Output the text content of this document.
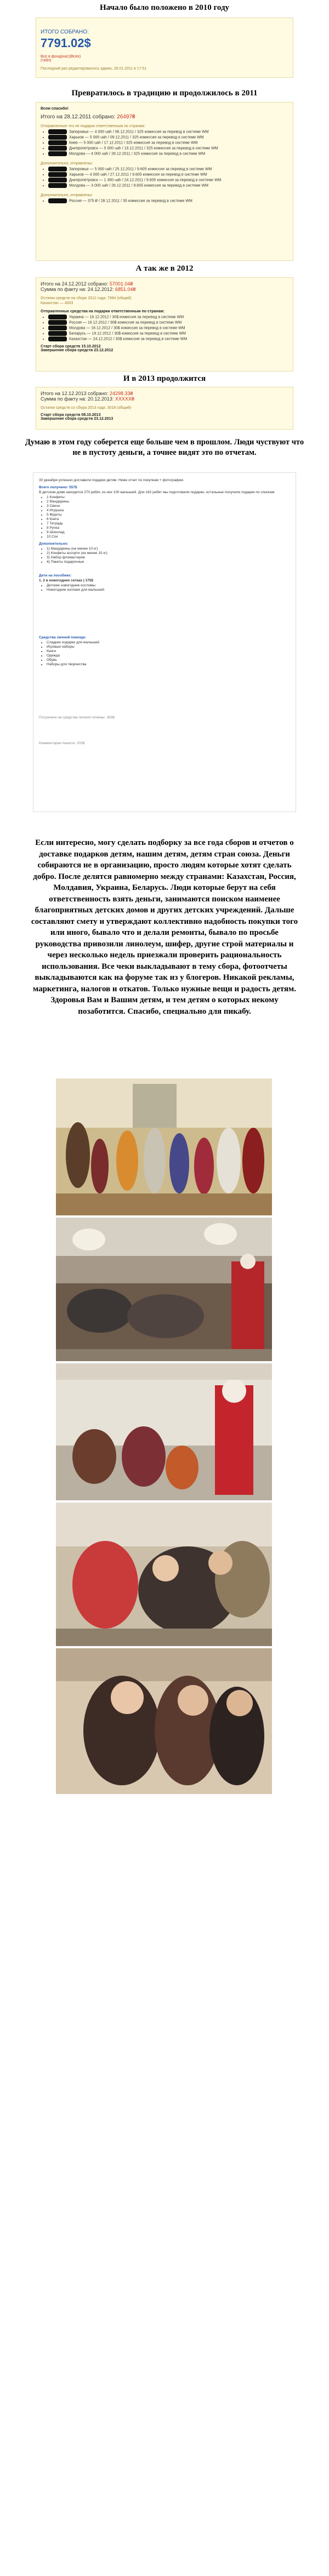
Начало было положено в 2010 году
ИТОГО СОБРАНО:
7791.02$
Все в фонд(нас)(Всех)
(табл)
Последний раз редактировалось админ, 28.01.2011 в 17:51
Превратилось в традицию и продолжилось в 2011
Всем спасибо!
Итого на 28.12.2011 собрано: 26497₴
Отправленные что не подарки ответственным по странам:
• Запорожье — 4 000 uah / 06.12.2011 / 325 комиссия за перевод в системе WM
• Харьков — 5 000 uah / 09.12.2011 / 325 комиссия за перевод в системе WM
• Киев — 5 000 uah / 17.12.2011 / 325 комиссия за перевод в системе WM
• Днепропетровск — 5 000 uah / 19.12.2011 / 325 комиссия за перевод в системе WM
• Молдова — 4 000 uah / 28.12.2011 / 325 комиссия за перевод в системе WM
Дополнительно, отправлены:
• Запорожье — 5 000 uah / 25.12.2011 / 9.605 комиссия за перевод в системе WM
• Харьков — 4 000 uah / 27.12.2011 / 9.605 комиссия за перевод в системе WM
• Днепропетровск — 1 300 uah / 24.12.2011 / 9.605 комиссия за перевод в системе WM
• Молдова — 3 000 uah / 26.12.2011 / 9.605 комиссия за перевод в системе WM
Дополнительно, отправлены:
• Россия — 375 ₽ / 28.12.2011 / 35 комиссия за перевод в системе WM
А так же в 2012
Итого на 24.12.2012 собрано: 57001.04₴
Сумма по факту на: 24.12.2012: 6851.04₴
Остатки средств на сборе 2012 года: 7994 (общий)
Казахстан — 4003
Отправленные средства на подарки ответственным по странам:
• Украина — 16.12.2012 / 30$ комиссия за перевод в системе WM
• Россия — 16.12.2012 / 30$ комиссия за перевод в системе WM
• Молдова — 18.12.2012 / 30$ комиссия за перевод в системе WM
• Беларусь — 19.12.2012 / 30$ комиссия за перевод в системе WM
• Казахстан — 24.12.2012 / 30$ комиссия за перевод в системе WM
Старт сбора средств 15.10.2012
Завершение сбора средств 23.12.2012
И в 2013 продолжится
Итого на 12.12.2013 собрано: 24298.33₴
Сумма по факту на: 20.12.2013: XXXXX₴
Остатки средств со сбора 2013 года: 3018 (общий)
Старт сбора средств 08.10.2013
Завершение сбора средств 23.12.2013
Думаю в этом году соберется еще больше чем в прошлом. Люди чуствуют что не в пустоту деньги, а точнее видят это по отчетам.
30 декабря успешно доставили подарки детям. Ниже отчет по покупкам + фотографии.
Всего получено: 557$
В детском доме находятся 270 ребят, из них 100 малышей. Для 162 ребят мы подготовили подарки, остальные получили подарки по спискам.
• 1 Конфеты
• 2 Мандарины
• 3 Свеча
• 4 Игрушка
• 5 Фрукты
• 6 Книга
• 7 Тетрадь
• 8 Ручка
• 9 Шоколад
• 10 Сок
Дополнительно:
• 1) Мандарины (не менее 10 кг)
• 2) Конфеты ассорти (не менее 15 кг)
• 3) Набор фломастеров
• 4) Пакеты подарочные
Дети на пособиях:
1. 2 в новогодних сетках | 175$
• Детские новогодние костюмы
• Новогодние колпаки для малышей
Средства личной помощи:
• Сладкие подарки для малышей
• Игровые наборы
• Книги
• Одежда
• Обувь
• Наборы для творчества
Потрачено на средства личной гигиены: 263$
Комментарии пишите: 203$
Если интересно, могу сделать подборку за все года сборов и отчетов о доставке подарков детям, нашим детям, детям стран союза. Деньги собираются не в организацию, просто людям которые хотят сделать добро. После делятся равномерно между странами: Казахстан, Россия, Молдавия, Украина, Беларусь. Люди которые берут на себя ответственность взять деньги, занимаются поиском наименее благоприятных детских домов и других детских учреждений. Дальше составляют смету и утверждают коллективно надобность покупки того или иного, бывало что и делали ремонты, бывало по просьбе руководства привозили линолеум, шифер, другие строй материалы и через несколько недель приезжали проверить рациональность использования. Все чеки выкладывают в тему сбора, фотоотчеты выкладываются как на форуме так из у блогеров. Никакой рекламы, маркетинга, налогов и откатов. Только нужные вещи и радость детям. Здоровья Вам и Вашим детям, и тем детям о которых некому позаботится. Спасибо, специально для пикабу.
